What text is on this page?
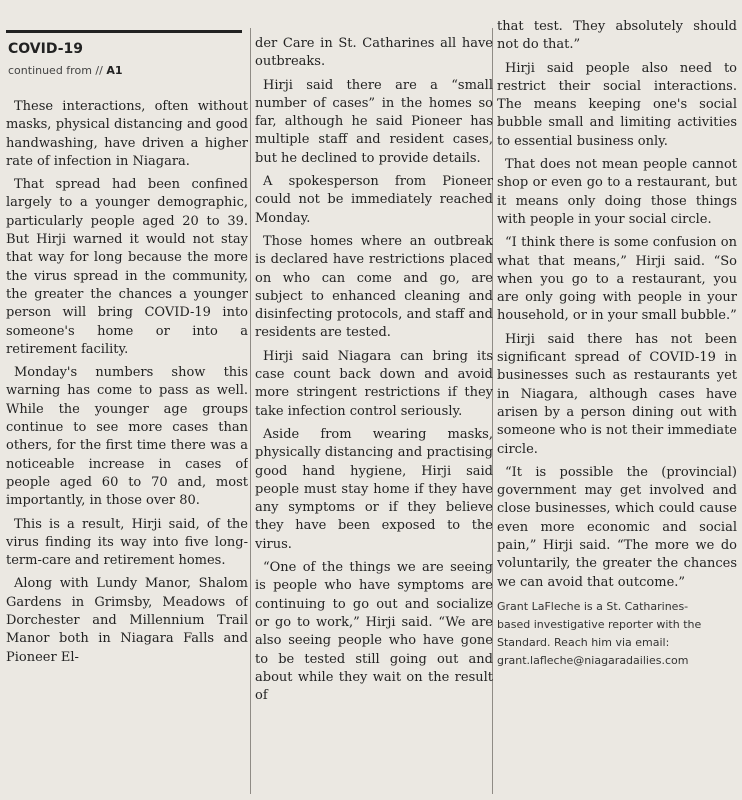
COVID-19
continued from // A1

These interactions, often without masks, physical distancing and good handwashing, have driven a higher rate of infection in Niagara.

That spread had been confined largely to a younger demographic, particularly people aged 20 to 39. But Hirji warned it would not stay that way for long because the more the virus spread in the community, the greater the chances a younger person will bring COVID-19 into someone's home or into a retirement facility.

Monday's numbers show this warning has come to pass as well. While the younger age groups continue to see more cases than others, for the first time there was a noticeable increase in cases of people aged 60 to 70 and, most importantly, in those over 80.

This is a result, Hirji said, of the virus finding its way into five long-term-care and retirement homes.

Along with Lundy Manor, Shalom Gardens in Grimsby, Meadows of Dorchester and Millennium Trail Manor both in Niagara Falls and Pioneer El-

der Care in St. Catharines all have outbreaks.

Hirji said there are a “small number of cases” in the homes so far, although he said Pioneer has multiple staff and resident cases, but he declined to provide details.

A spokesperson from Pioneer could not be immediately reached Monday.

Those homes where an outbreak is declared have restrictions placed on who can come and go, are subject to enhanced cleaning and disinfecting protocols, and staff and residents are tested.

Hirji said Niagara can bring its case count back down and avoid more stringent restrictions if they take infection control seriously.

Aside from wearing masks, physically distancing and practising good hand hygiene, Hirji said people must stay home if they have any symptoms or if they believe they have been exposed to the virus.

“One of the things we are seeing is people who have symptoms are continuing to go out and socialize or go to work,” Hirji said. “We are also seeing people who have gone to be tested still going out and about while they wait on the result of

that test. They absolutely should not do that.”

Hirji said people also need to restrict their social interactions. The means keeping one's social bubble small and limiting activities to essential business only.

That does not mean people cannot shop or even go to a restaurant, but it means only doing those things with people in your social circle.

“I think there is some confusion on what that means,” Hirji said. “So when you go to a restaurant, you are only going with people in your household, or in your small bubble.”

Hirji said there has not been significant spread of COVID-19 in businesses such as restaurants yet in Niagara, although cases have arisen by a person dining out with someone who is not their immediate circle.

“It is possible the (provincial) government may get involved and close businesses, which could cause even more economic and social pain,” Hirji said. “The more we do voluntarily, the greater the chances we can avoid that outcome.”

Grant LaFleche is a St. Catharines-
based investigative reporter with the
Standard. Reach him via email:
grant.lafleche@niagaradailies.com
